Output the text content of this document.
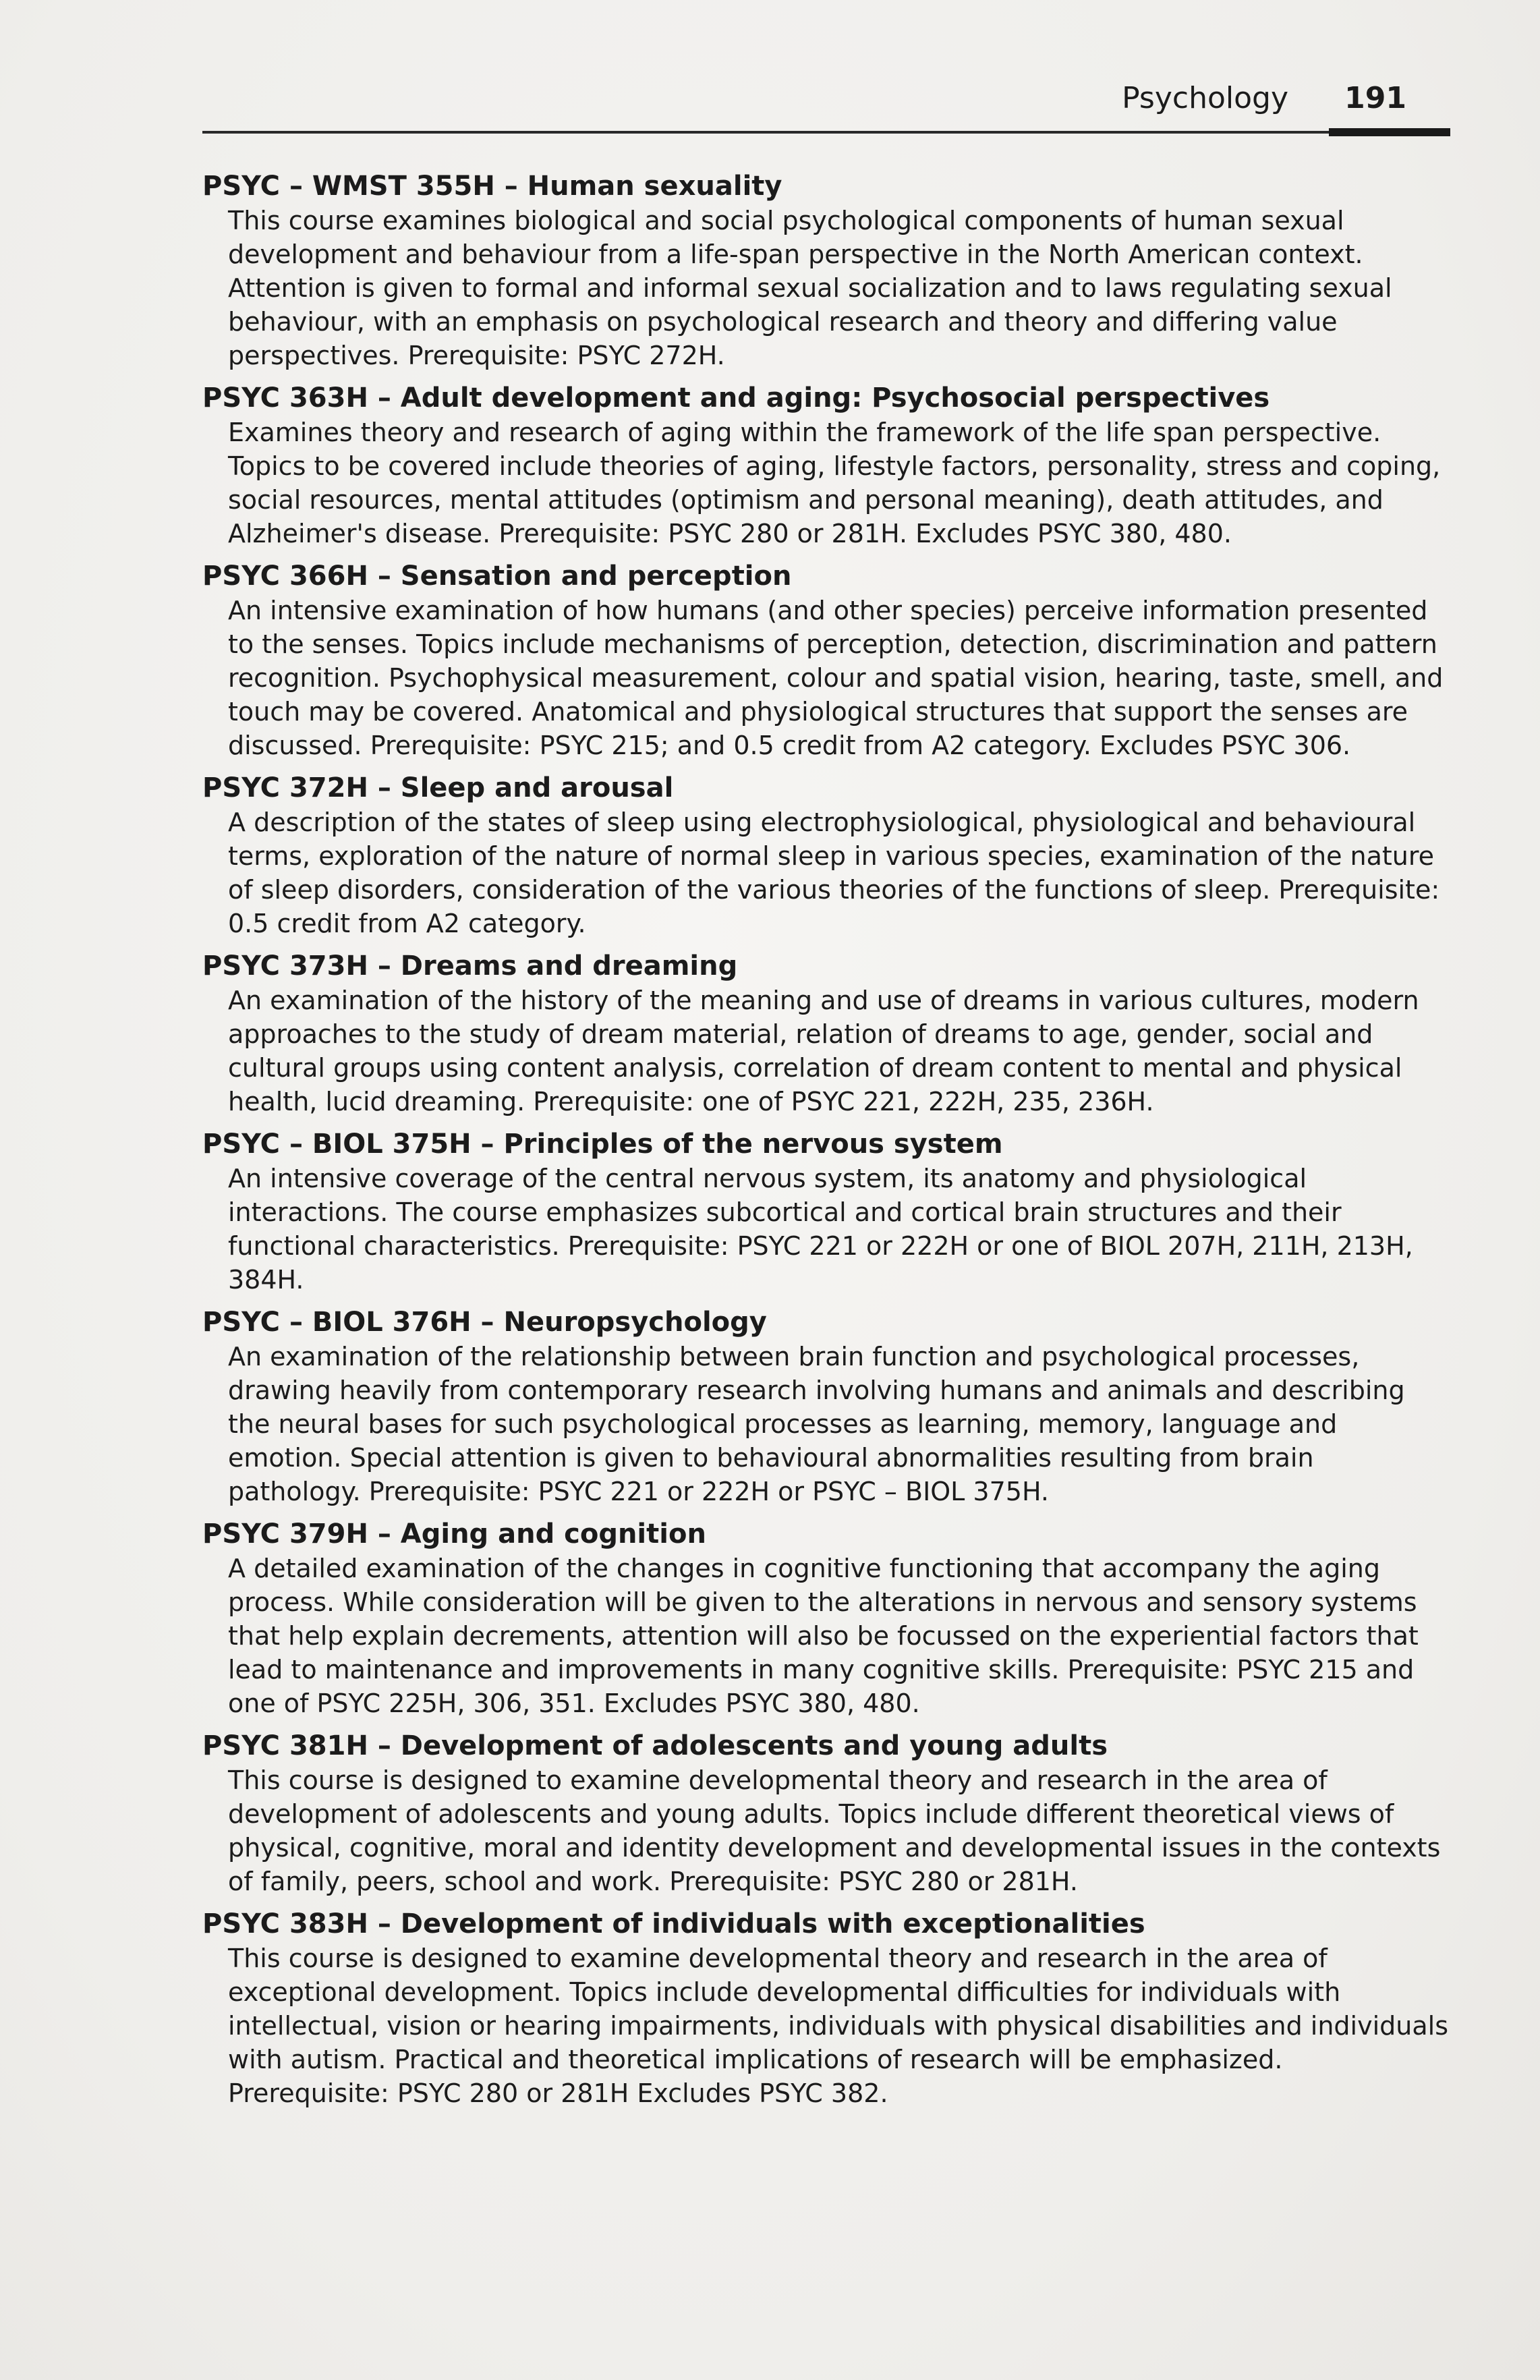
Psychology 191
PSYC – WMST 355H – Human sexuality
This course examines biological and social psychological components of human sexual development and behaviour from a life-span perspective in the North American context. Attention is given to formal and informal sexual socialization and to laws regulating sexual behaviour, with an emphasis on psychological research and theory and differing value perspectives. Prerequisite: PSYC 272H.
PSYC 363H – Adult development and aging: Psychosocial perspectives
Examines theory and research of aging within the framework of the life span perspective. Topics to be covered include theories of aging, lifestyle factors, personality, stress and coping, social resources, mental attitudes (optimism and personal meaning), death attitudes, and Alzheimer's disease. Prerequisite: PSYC 280 or 281H. Excludes PSYC 380, 480.
PSYC 366H – Sensation and perception
An intensive examination of how humans (and other species) perceive information presented to the senses. Topics include mechanisms of perception, detection, discrimination and pattern recognition. Psychophysical measurement, colour and spatial vision, hearing, taste, smell, and touch may be covered. Anatomical and physiological structures that support the senses are discussed. Prerequisite: PSYC 215; and 0.5 credit from A2 category. Excludes PSYC 306.
PSYC 372H – Sleep and arousal
A description of the states of sleep using electrophysiological, physiological and behavioural terms, exploration of the nature of normal sleep in various species, examination of the nature of sleep disorders, consideration of the various theories of the functions of sleep. Prerequisite: 0.5 credit from A2 category.
PSYC 373H – Dreams and dreaming
An examination of the history of the meaning and use of dreams in various cultures, modern approaches to the study of dream material, relation of dreams to age, gender, social and cultural groups using content analysis, correlation of dream content to mental and physical health, lucid dreaming. Prerequisite: one of PSYC 221, 222H, 235, 236H.
PSYC – BIOL 375H – Principles of the nervous system
An intensive coverage of the central nervous system, its anatomy and physiological interactions. The course emphasizes subcortical and cortical brain structures and their functional characteristics. Prerequisite: PSYC 221 or 222H or one of BIOL 207H, 211H, 213H, 384H.
PSYC – BIOL 376H – Neuropsychology
An examination of the relationship between brain function and psychological processes, drawing heavily from contemporary research involving humans and animals and describing the neural bases for such psychological processes as learning, memory, language and emotion. Special attention is given to behavioural abnormalities resulting from brain pathology. Prerequisite: PSYC 221 or 222H or PSYC – BIOL 375H.
PSYC 379H – Aging and cognition
A detailed examination of the changes in cognitive functioning that accompany the aging process. While consideration will be given to the alterations in nervous and sensory systems that help explain decrements, attention will also be focussed on the experiential factors that lead to maintenance and improvements in many cognitive skills. Prerequisite: PSYC 215 and one of PSYC 225H, 306, 351. Excludes PSYC 380, 480.
PSYC 381H – Development of adolescents and young adults
This course is designed to examine developmental theory and research in the area of development of adolescents and young adults. Topics include different theoretical views of physical, cognitive, moral and identity development and developmental issues in the contexts of family, peers, school and work. Prerequisite: PSYC 280 or 281H.
PSYC 383H – Development of individuals with exceptionalities
This course is designed to examine developmental theory and research in the area of exceptional development. Topics include developmental difficulties for individuals with intellectual, vision or hearing impairments, individuals with physical disabilities and individuals with autism. Practical and theoretical implications of research will be emphasized. Prerequisite: PSYC 280 or 281H Excludes PSYC 382.
